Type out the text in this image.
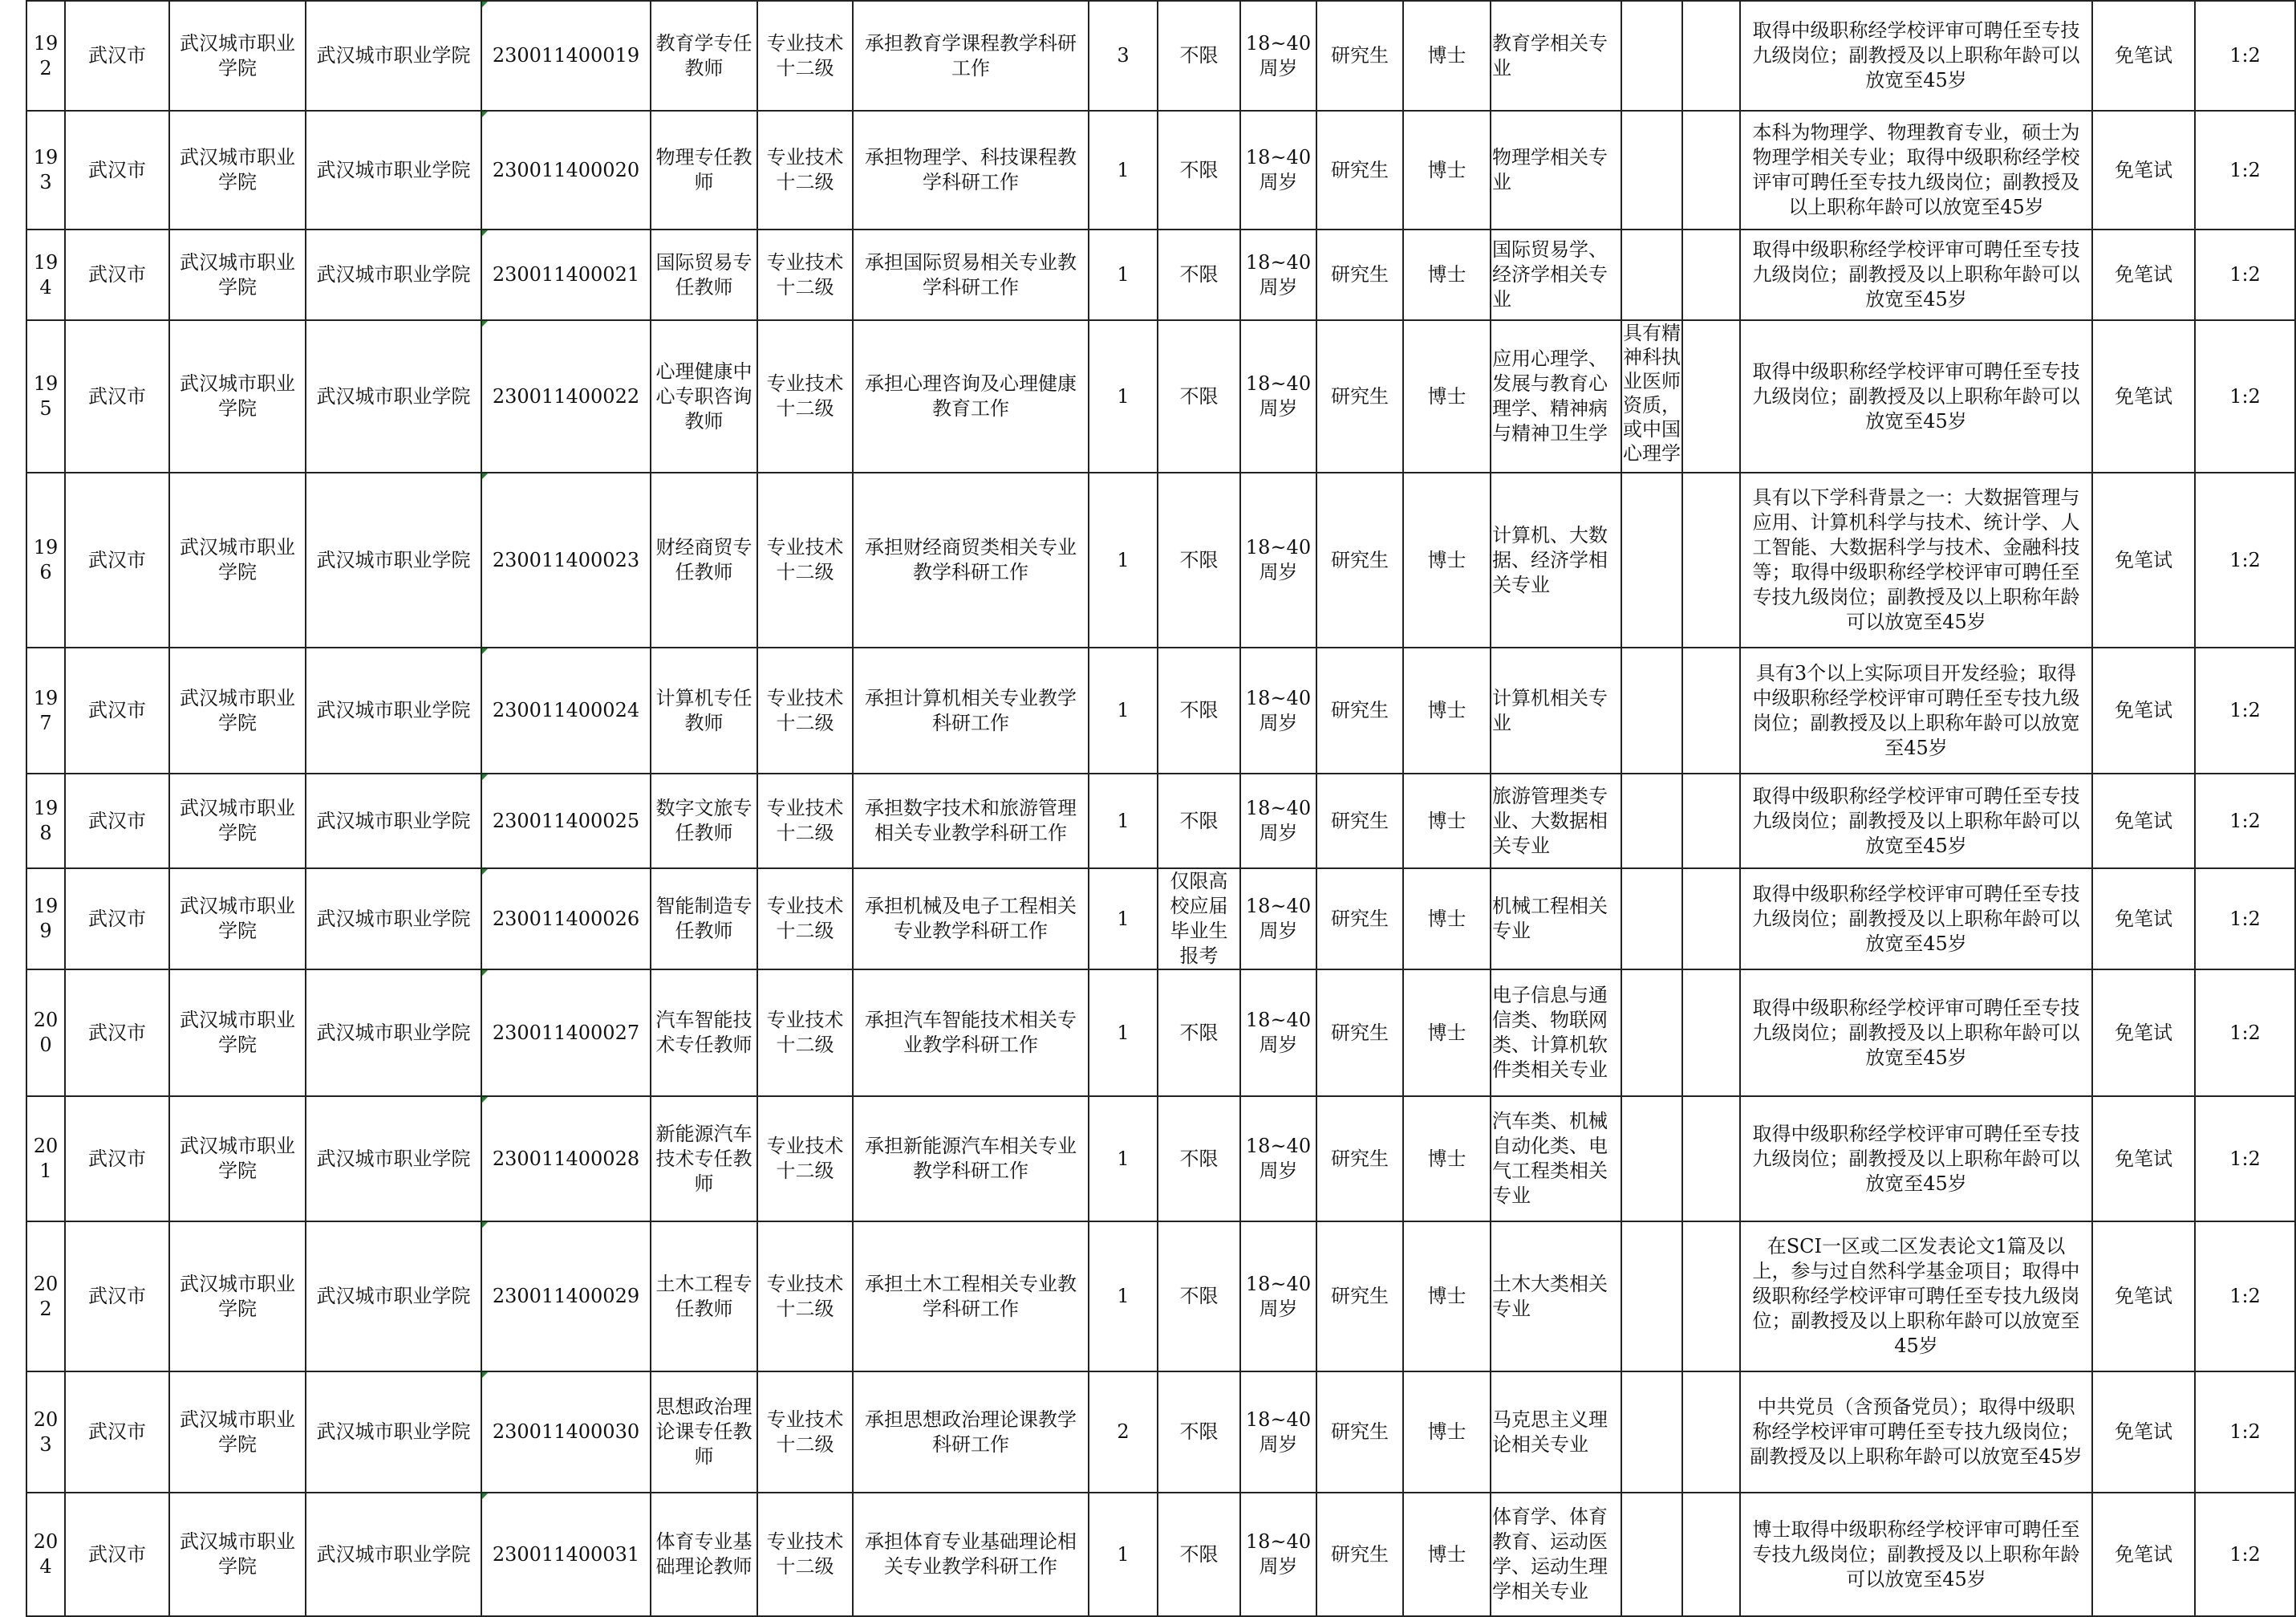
192	武汉市	武汉城市职业学院	武汉城市职业学院	230011400019	教育学专任教师	专业技术十二级	承担教育学课程教学科研工作	3	不限	18~40周岁	研究生	博士	教育学相关专业			取得中级职称经学校评审可聘任至专技九级岗位；副教授及以上职称年龄可以放宽至45岁	免笔试	1:2
193	武汉市	武汉城市职业学院	武汉城市职业学院	230011400020	物理专任教师	专业技术十二级	承担物理学、科技课程教学科研工作	1	不限	18~40周岁	研究生	博士	物理学相关专业			本科为物理学、物理教育专业，硕士为物理学相关专业；取得中级职称经学校评审可聘任至专技九级岗位；副教授及以上职称年龄可以放宽至45岁	免笔试	1:2
194	武汉市	武汉城市职业学院	武汉城市职业学院	230011400021	国际贸易专任教师	专业技术十二级	承担国际贸易相关专业教学科研工作	1	不限	18~40周岁	研究生	博士	国际贸易学、经济学相关专业			取得中级职称经学校评审可聘任至专技九级岗位；副教授及以上职称年龄可以放宽至45岁	免笔试	1:2
195	武汉市	武汉城市职业学院	武汉城市职业学院	230011400022	心理健康中心专职咨询教师	专业技术十二级	承担心理咨询及心理健康教育工作	1	不限	18~40周岁	研究生	博士	应用心理学、发展与教育心理学、精神病与精神卫生学	具有精神科执业医师资质，或中国心理学		取得中级职称经学校评审可聘任至专技九级岗位；副教授及以上职称年龄可以放宽至45岁	免笔试	1:2
196	武汉市	武汉城市职业学院	武汉城市职业学院	230011400023	财经商贸专任教师	专业技术十二级	承担财经商贸类相关专业教学科研工作	1	不限	18~40周岁	研究生	博士	计算机、大数据、经济学相关专业			具有以下学科背景之一：大数据管理与应用、计算机科学与技术、统计学、人工智能、大数据科学与技术、金融科技等；取得中级职称经学校评审可聘任至专技九级岗位；副教授及以上职称年龄可以放宽至45岁	免笔试	1:2
197	武汉市	武汉城市职业学院	武汉城市职业学院	230011400024	计算机专任教师	专业技术十二级	承担计算机相关专业教学科研工作	1	不限	18~40周岁	研究生	博士	计算机相关专业			具有3个以上实际项目开发经验；取得中级职称经学校评审可聘任至专技九级岗位；副教授及以上职称年龄可以放宽至45岁	免笔试	1:2
198	武汉市	武汉城市职业学院	武汉城市职业学院	230011400025	数字文旅专任教师	专业技术十二级	承担数字技术和旅游管理相关专业教学科研工作	1	不限	18~40周岁	研究生	博士	旅游管理类专业、大数据相关专业			取得中级职称经学校评审可聘任至专技九级岗位；副教授及以上职称年龄可以放宽至45岁	免笔试	1:2
199	武汉市	武汉城市职业学院	武汉城市职业学院	230011400026	智能制造专任教师	专业技术十二级	承担机械及电子工程相关专业教学科研工作	1	仅限高校应届毕业生报考	18~40周岁	研究生	博士	机械工程相关专业			取得中级职称经学校评审可聘任至专技九级岗位；副教授及以上职称年龄可以放宽至45岁	免笔试	1:2
200	武汉市	武汉城市职业学院	武汉城市职业学院	230011400027	汽车智能技术专任教师	专业技术十二级	承担汽车智能技术相关专业教学科研工作	1	不限	18~40周岁	研究生	博士	电子信息与通信类、物联网类、计算机软件类相关专业			取得中级职称经学校评审可聘任至专技九级岗位；副教授及以上职称年龄可以放宽至45岁	免笔试	1:2
201	武汉市	武汉城市职业学院	武汉城市职业学院	230011400028	新能源汽车技术专任教师	专业技术十二级	承担新能源汽车相关专业教学科研工作	1	不限	18~40周岁	研究生	博士	汽车类、机械自动化类、电气工程类相关专业			取得中级职称经学校评审可聘任至专技九级岗位；副教授及以上职称年龄可以放宽至45岁	免笔试	1:2
202	武汉市	武汉城市职业学院	武汉城市职业学院	230011400029	土木工程专任教师	专业技术十二级	承担土木工程相关专业教学科研工作	1	不限	18~40周岁	研究生	博士	土木大类相关专业			在SCI一区或二区发表论文1篇及以上，参与过自然科学基金项目；取得中级职称经学校评审可聘任至专技九级岗位；副教授及以上职称年龄可以放宽至45岁	免笔试	1:2
203	武汉市	武汉城市职业学院	武汉城市职业学院	230011400030	思想政治理论课专任教师	专业技术十二级	承担思想政治理论课教学科研工作	2	不限	18~40周岁	研究生	博士	马克思主义理论相关专业			中共党员（含预备党员）；取得中级职称经学校评审可聘任至专技九级岗位；副教授及以上职称年龄可以放宽至45岁	免笔试	1:2
204	武汉市	武汉城市职业学院	武汉城市职业学院	230011400031	体育专业基础理论教师	专业技术十二级	承担体育专业基础理论相关专业教学科研工作	1	不限	18~40周岁	研究生	博士	体育学、体育教育、运动医学、运动生理学相关专业			博士取得中级职称经学校评审可聘任至专技九级岗位；副教授及以上职称年龄可以放宽至45岁	免笔试	1:2
